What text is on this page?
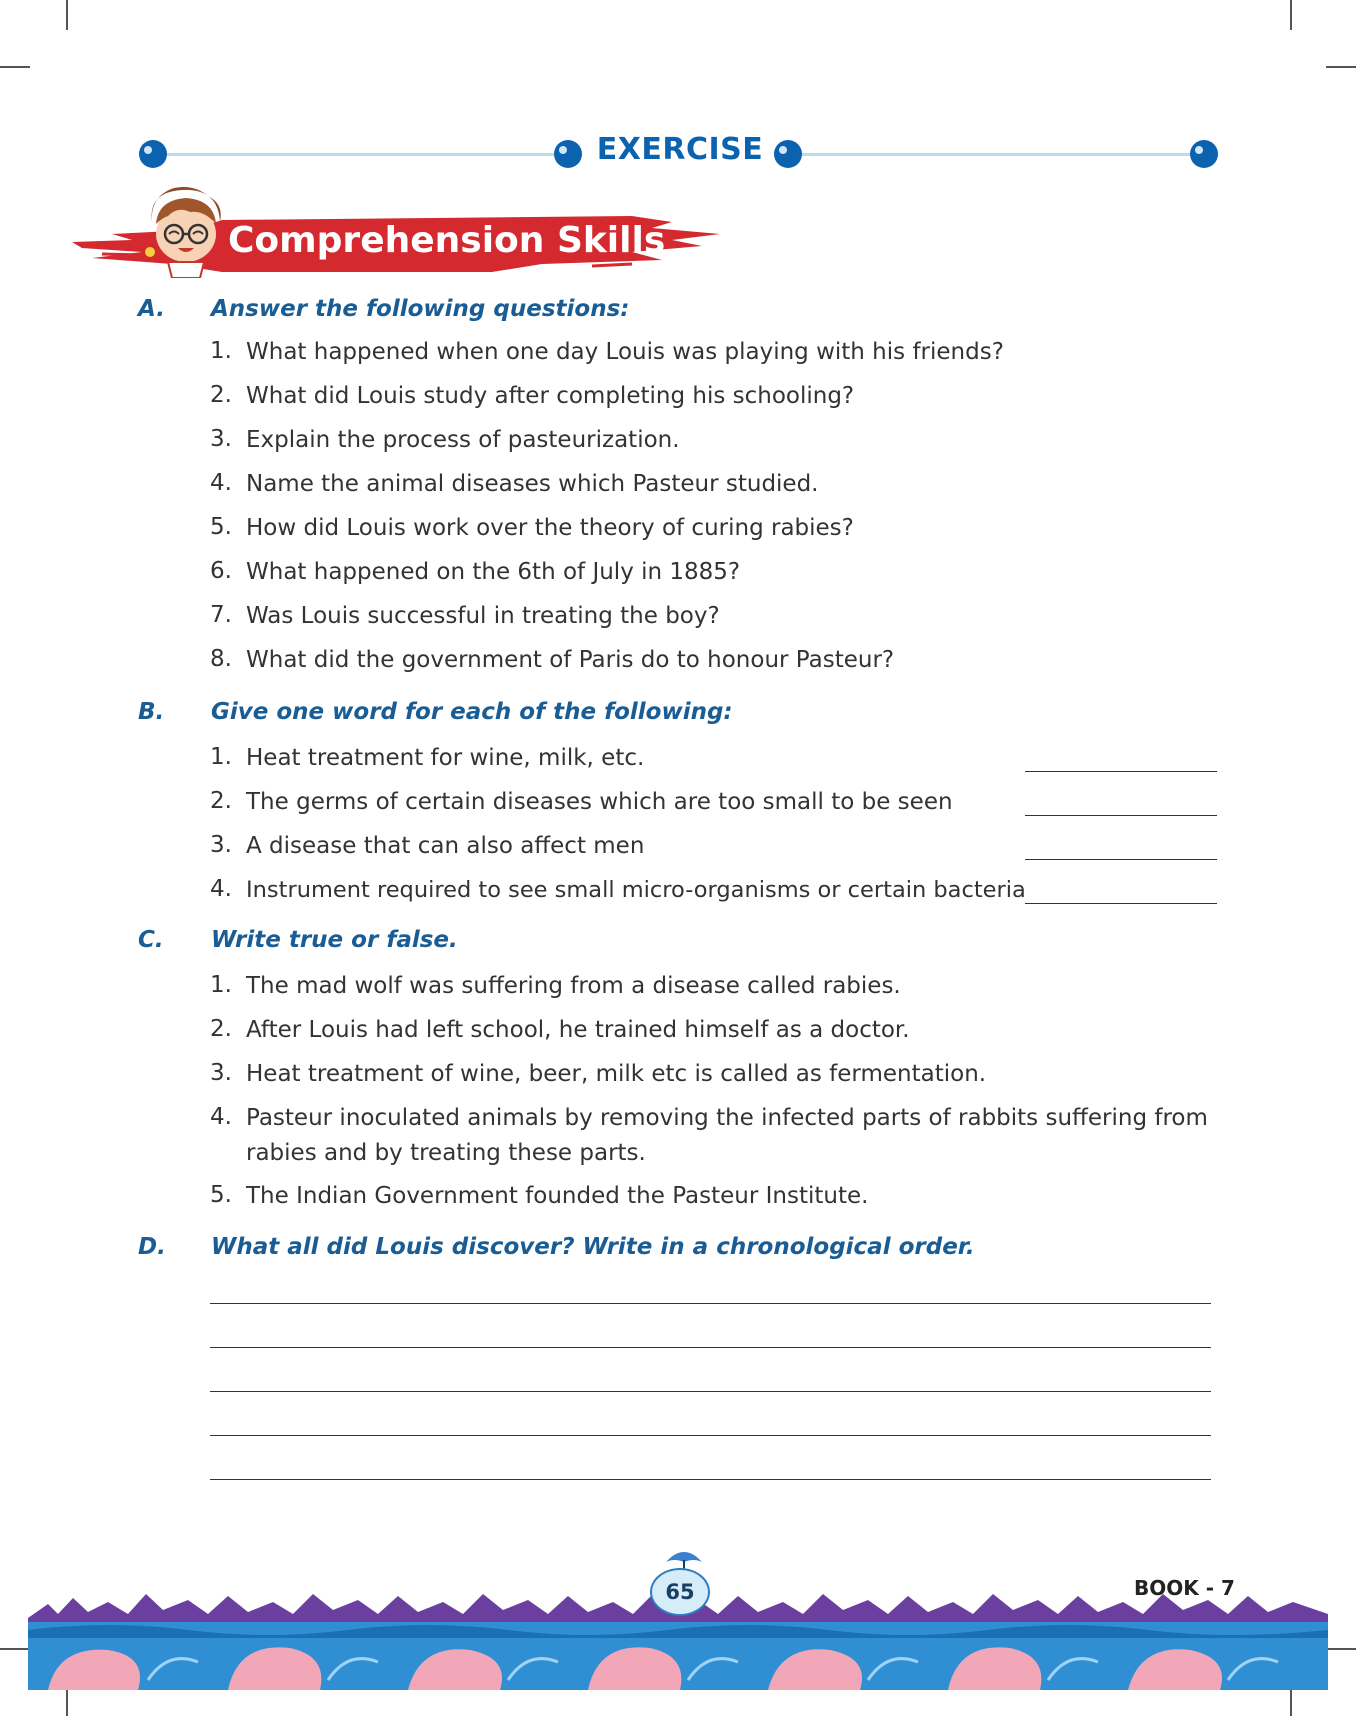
EXERCISE
Comprehension Skills
A. Answer the following questions:
1. What happened when one day Louis was playing with his friends?
2. What did Louis study after completing his schooling?
3. Explain the process of pasteurization.
4. Name the animal diseases which Pasteur studied.
5. How did Louis work over the theory of curing rabies?
6. What happened on the 6th of July in 1885?
7. Was Louis successful in treating the boy?
8. What did the government of Paris do to honour Pasteur?
B. Give one word for each of the following:
1. Heat treatment for wine, milk, etc.
2. The germs of certain diseases which are too small to be seen
3. A disease that can also affect men
4. Instrument required to see small micro-organisms or certain bacteria
C. Write true or false.
1. The mad wolf was suffering from a disease called rabies.
2. After Louis had left school, he trained himself as a doctor.
3. Heat treatment of wine, beer, milk etc is called as fermentation.
4. Pasteur inoculated animals by removing the infected parts of rabbits suffering from rabies and by treating these parts.
5. The Indian Government founded the Pasteur Institute.
D. What all did Louis discover? Write in a chronological order.
65	BOOK - 7
